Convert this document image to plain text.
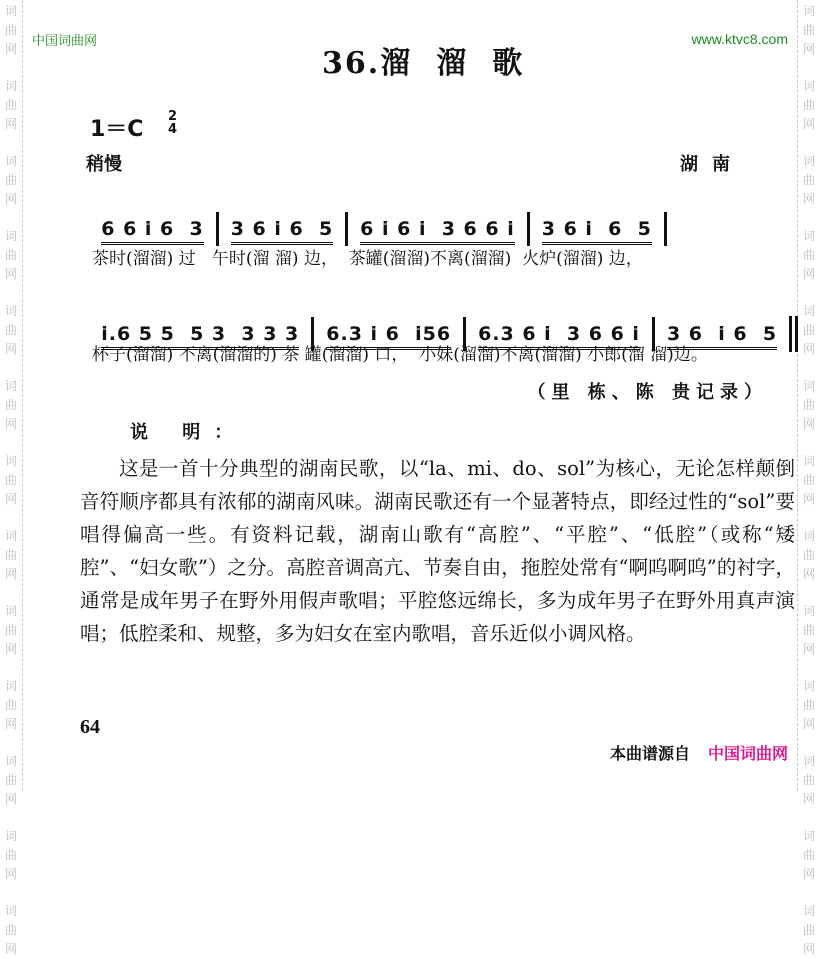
词
曲
网
词
曲
网
词
曲
网
词
曲
网
词
曲
网
词
曲
网
词
曲
网
词
曲
网
词
曲
网
词
曲
网
词
曲
网
词
曲
网
词
曲
网
词
曲
网
词
曲
网
词
曲
网
词
曲
网
词
曲
网
词
曲
网
词
曲
网
词
曲
网
词
曲
网
词
曲
网
词
曲
网
词
曲
网
词
曲
网
中国词曲网	www.ktvc8.com
36.溜溜歌
1＝C
2
4
稍慢	湖南

6 6 i 6  3 3 6 i 6  5 6 i 6 i  3 6 6 i 3 6 i  6  5

茶时(溜溜) 过   午时(溜 溜) 边，  茶罐(溜溜)不离(溜溜)  火炉(溜溜) 边，

i.6 5 5  5 3  3 3 3 6.3 i 6  i56 6.3 6 i  3 6 6 i 3 6  i 6  5

杯子(溜溜) 不离(溜溜的) 茶 罐(溜溜) 口，  小妹(溜溜)不离(溜溜) 小郎(溜 溜)边。
（里 栋、陈 贵记录）
说 明：

这是一首十分典型的湖南民歌，以“la、mi、do、sol”为核心，无论怎样颠倒音符顺序都具有浓郁的湖南风味。湖南民歌还有一个显著特点，即经过性的“sol”要唱得偏高一些。有资料记载，湖南山歌有“高腔”、“平腔”、“低腔”（或称“矮腔”、“妇女歌”）之分。高腔音调高亢、节奏自由，拖腔处常有“啊呜啊呜”的衬字，通常是成年男子在野外用假声歌唱；平腔悠远绵长，多为成年男子在野外用真声演唱；低腔柔和、规整，多为妇女在室内歌唱，音乐近似小调风格。

64
本曲谱源自 中国词曲网
